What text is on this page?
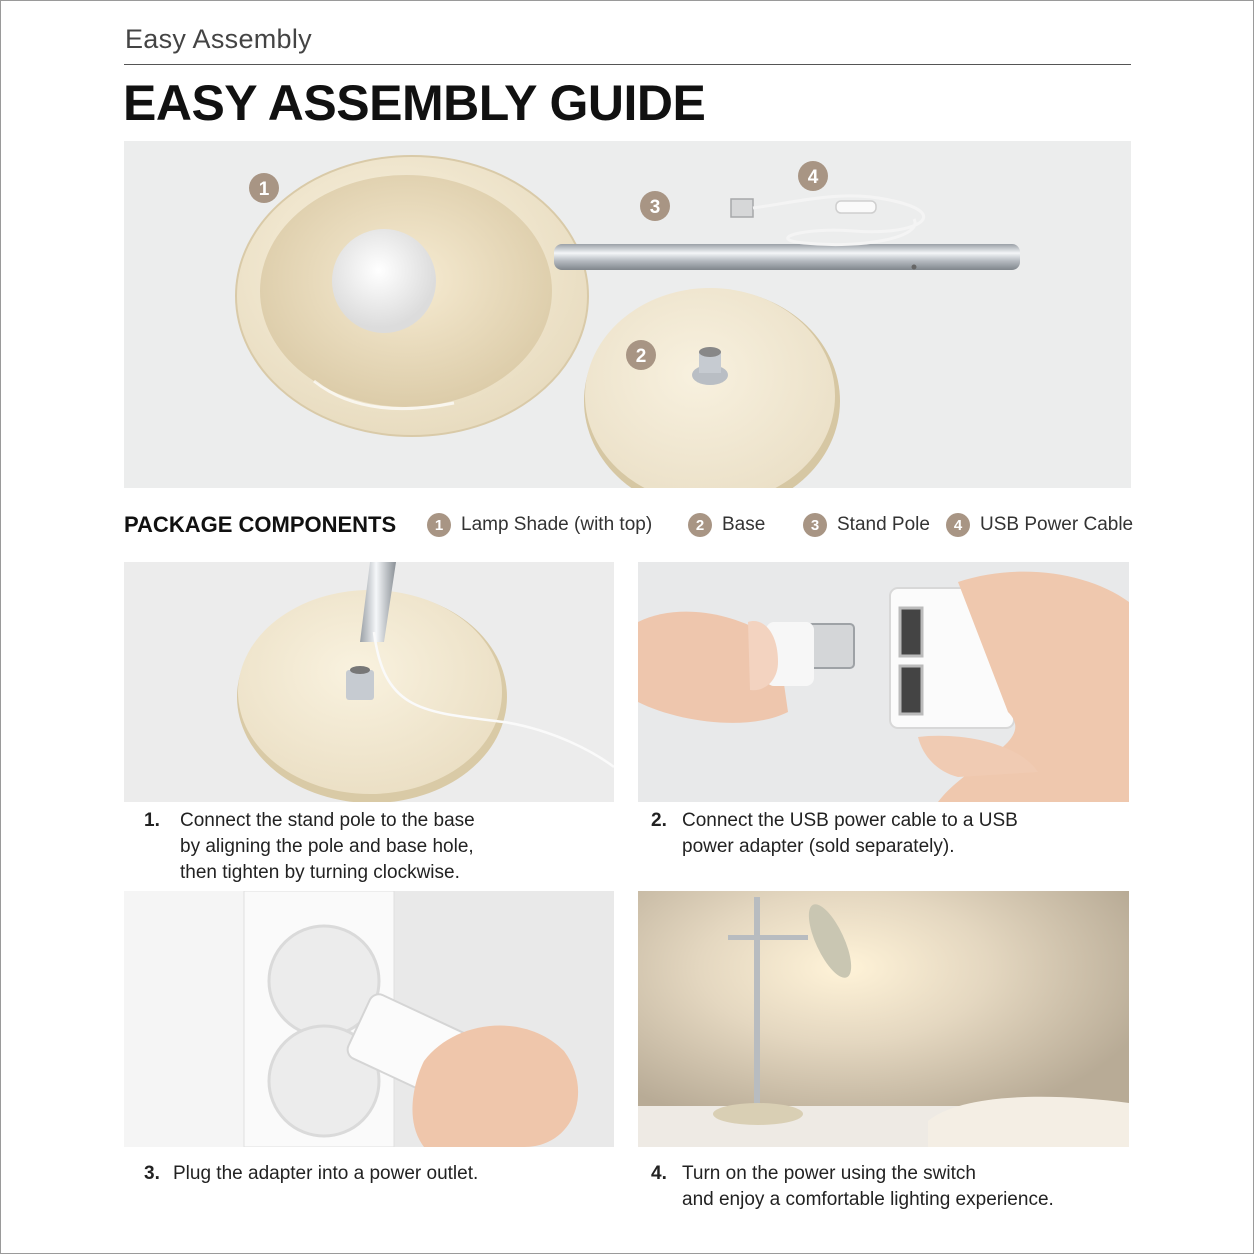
Easy Assembly
EASY ASSEMBLY GUIDE
1
2
3
4
PACKAGE COMPONENTS	1 Lamp Shade (with top)	2 Base	3 Stand Pole	4 USB Power Cable
1.	Connect the stand pole to the base
by aligning the pole and base hole,
then tighten by turning clockwise.
2. Connect the USB power cable to a USB
power adapter (sold separately).
3. Plug the adapter into a power outlet.	4. Turn on the power using the switch
and enjoy a comfortable lighting experience.
